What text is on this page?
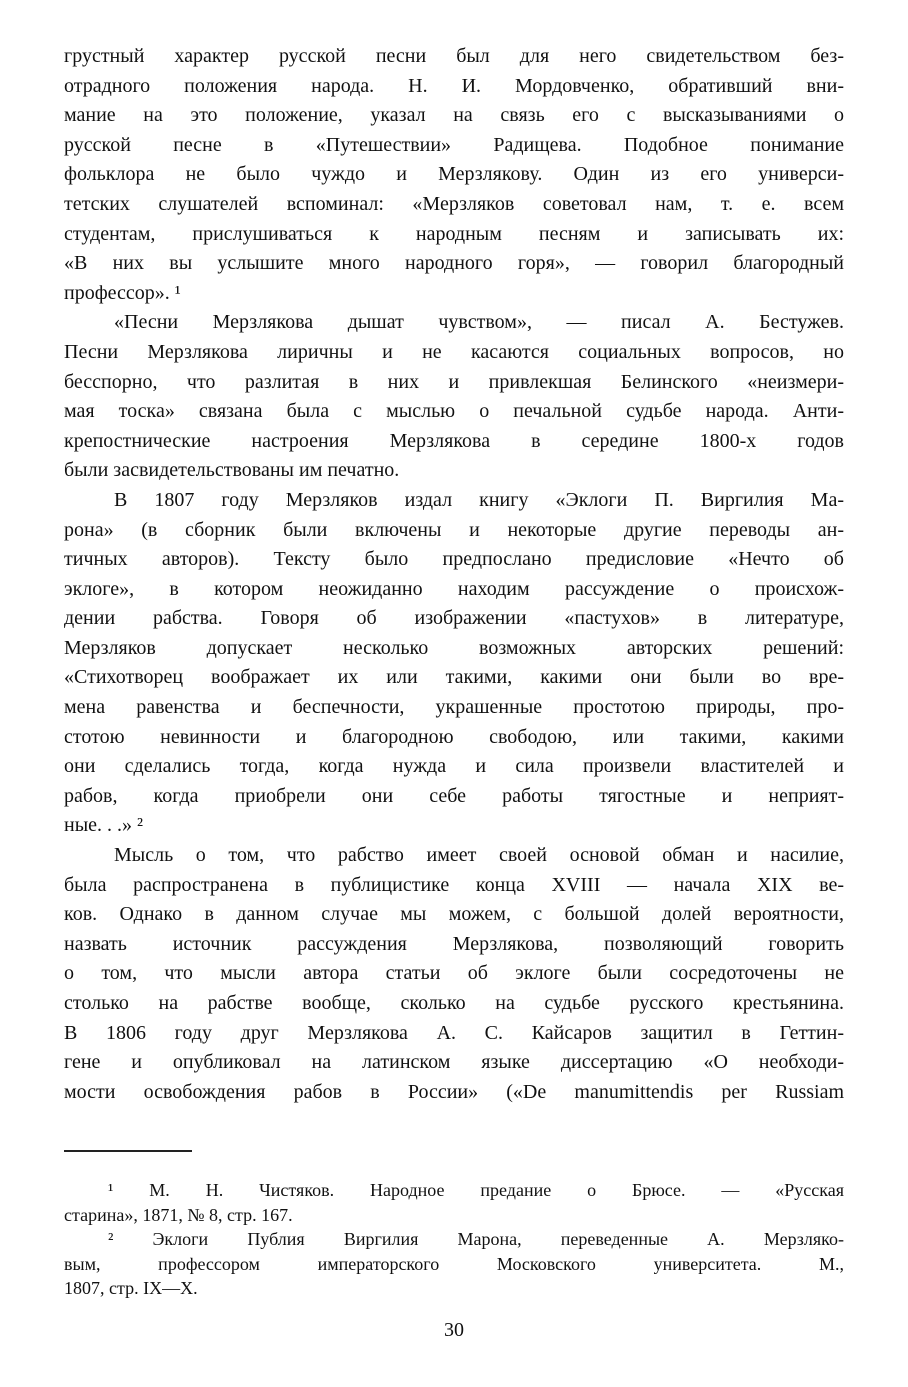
грустный характер русской песни был для него свидетельством без-
отрадного положения народа. Н. И. Мордовченко, обративший вни-
мание на это положение, указал на связь его с высказываниями о
русской песне в «Путешествии» Радищева. Подобное понимание
фольклора не было чуждо и Мерзлякову. Один из его универси-
тетских слушателей вспоминал: «Мерзляков советовал нам, т. е. всем
студентам, прислушиваться к народным песням и записывать их:
«В них вы услышите много народного горя», — говорил благородный
профессор». ¹
«Песни Мерзлякова дышат чувством», — писал А. Бестужев.
Песни Мерзлякова лиричны и не касаются социальных вопросов, но
бесспорно, что разлитая в них и привлекшая Белинского «неизмери-
мая тоска» связана была с мыслью о печальной судьбе народа. Анти-
крепостнические настроения Мерзлякова в середине 1800-х годов
были засвидетельствованы им печатно.
В 1807 году Мерзляков издал книгу «Эклоги П. Виргилия Ма-
рона» (в сборник были включены и некоторые другие переводы ан-
тичных авторов). Тексту было предпослано предисловие «Нечто об
эклоге», в котором неожиданно находим рассуждение о происхож-
дении рабства. Говоря об изображении «пастухов» в литературе,
Мерзляков допускает несколько возможных авторских решений:
«Стихотворец воображает их или такими, какими они были во вре-
мена равенства и беспечности, украшенные простотою природы, про-
стотою невинности и благородною свободою, или такими, какими
они сделались тогда, когда нужда и сила произвели властителей и
рабов, когда приобрели они себе работы тягостные и неприят-
ные. . .» ²
Мысль о том, что рабство имеет своей основой обман и насилие,
была распространена в публицистике конца XVIII — начала XIX ве-
ков. Однако в данном случае мы можем, с большой долей вероятности,
назвать источник рассуждения Мерзлякова, позволяющий говорить
о том, что мысли автора статьи об эклоге были сосредоточены не
столько на рабстве вообще, сколько на судьбе русского крестьянина.
В 1806 году друг Мерзлякова А. С. Кайсаров защитил в Геттин-
гене и опубликовал на латинском языке диссертацию «О необходи-
мости освобождения рабов в России» («De manumittendis per Russiam
¹ М. Н. Чистяков. Народное предание о Брюсе. — «Русская
старина», 1871, № 8, стр. 167.
² Эклоги Публия Виргилия Марона, переведенные А. Мерзляко-
вым, профессором императорского Московского университета. М.,
1807, стр. IX—X.
30
